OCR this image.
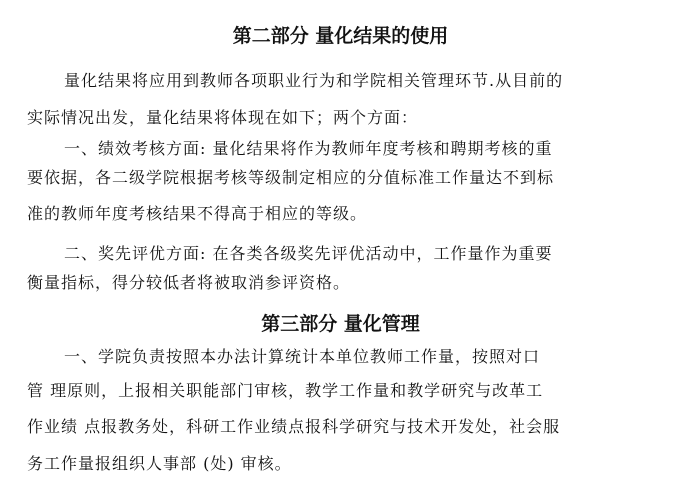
第二部分 量化结果的使用
量化结果将应用到教师各项职业行为和学院相关管理环节.从目前的
实际情况出发，量化结果将体现在如下；两个方面：
一、绩效考核方面: 量化结果将作为教师年度考核和聘期考核的重
要依据，各二级学院根据考核等级制定相应的分值标准工作量达不到标
准的教师年度考核结果不得高于相应的等级。
二、奖先评优方面: 在各类各级奖先评优活动中，工作量作为重要
衡量指标，得分较低者将被取消参评资格。
第三部分 量化管理
一、学院负责按照本办法计算统计本单位教师工作量，按照对口
管 理原则，上报相关职能部门审核，教学工作量和教学研究与改革工
作业绩 点报教务处，科研工作业绩点报科学研究与技术开发处，社会服
务工作量报组织人事部 (处) 审核。
